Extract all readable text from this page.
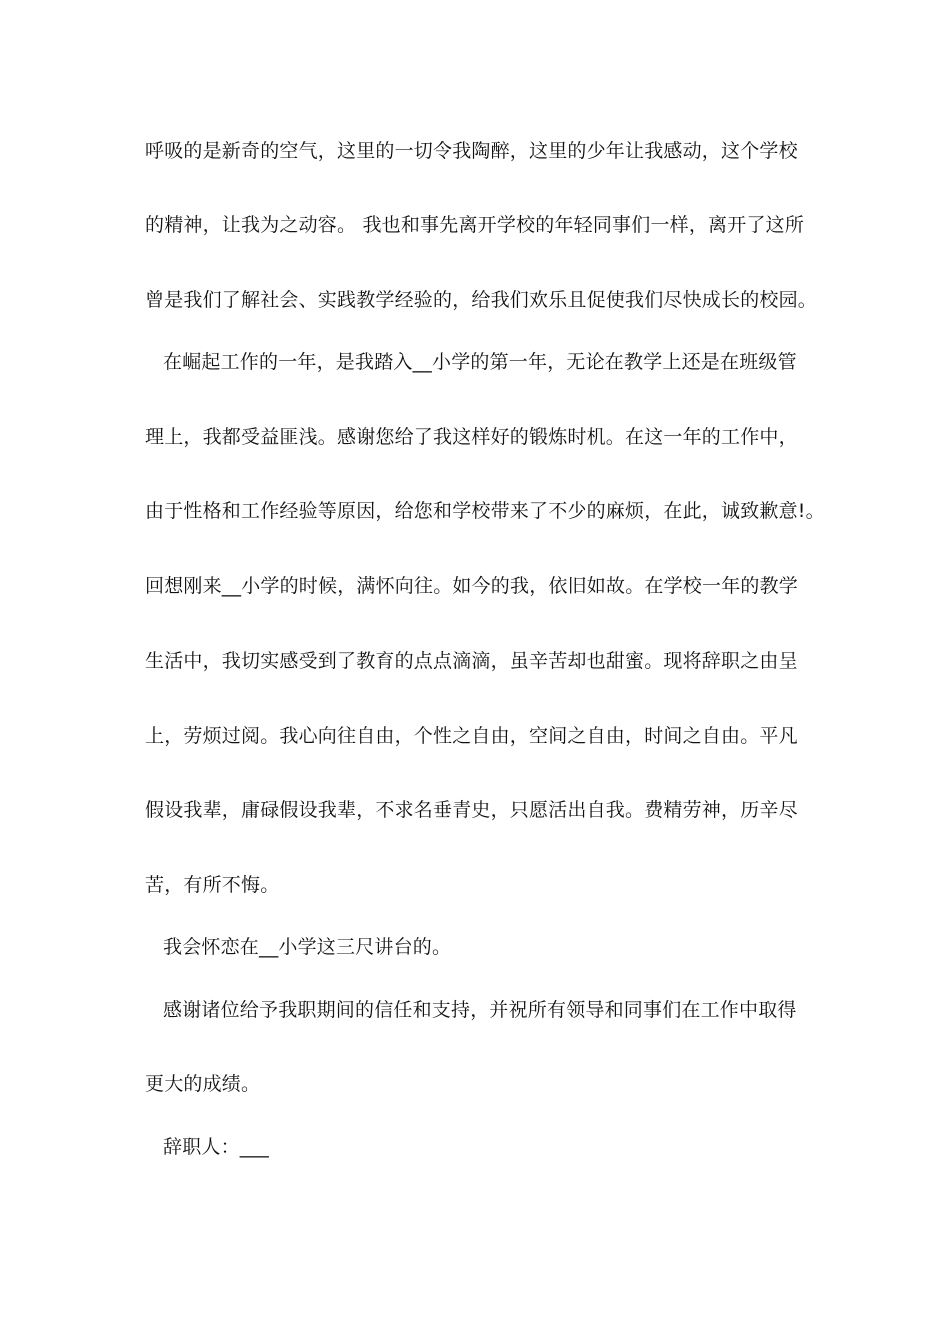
呼吸的是新奇的空气，这里的一切令我陶醉，这里的少年让我感动，这个学校
的精神，让我为之动容。 我也和事先离开学校的年轻同事们一样，离开了这所
曾是我们了解社会、实践教学经验的，给我们欢乐且促使我们尽快成长的校园。
在崛起工作的一年，是我踏入__小学的第一年，无论在教学上还是在班级管
理上，我都受益匪浅。感谢您给了我这样好的锻炼时机。在这一年的工作中，
由于性格和工作经验等原因，给您和学校带来了不少的麻烦，在此，诚致歉意!。
回想刚来__小学的时候，满怀向往。如今的我，依旧如故。在学校一年的教学
生活中，我切实感受到了教育的点点滴滴，虽辛苦却也甜蜜。现将辞职之由呈
上，劳烦过阅。我心向往自由，个性之自由，空间之自由，时间之自由。平凡
假设我辈，庸碌假设我辈，不求名垂青史，只愿活出自我。费精劳神，历辛尽
苦，有所不悔。
我会怀恋在__小学这三尺讲台的。
感谢诸位给予我职期间的信任和支持，并祝所有领导和同事们在工作中取得
更大的成绩。
辞职人：___
